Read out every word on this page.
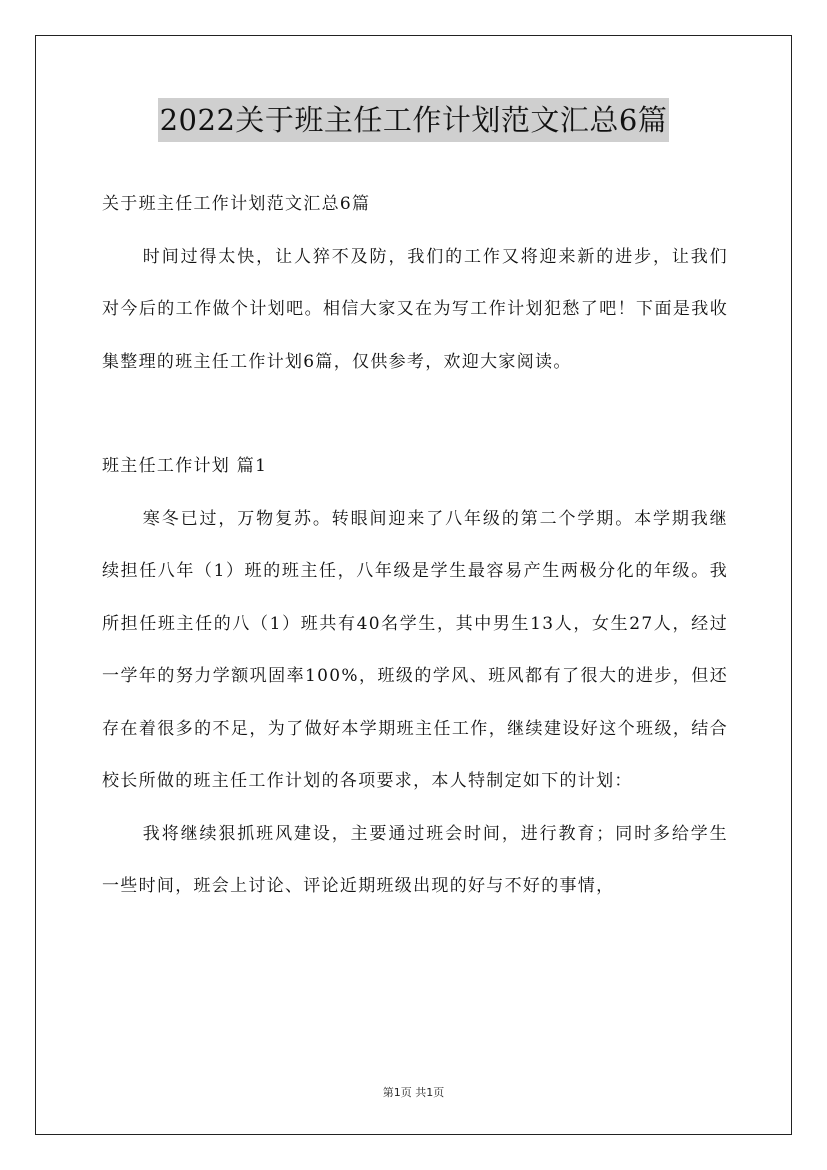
2022关于班主任工作计划范文汇总6篇

关于班主任工作计划范文汇总6篇

时间过得太快，让人猝不及防，我们的工作又将迎来新的进步，让我们对今后的工作做个计划吧。相信大家又在为写工作计划犯愁了吧！下面是我收集整理的班主任工作计划6篇，仅供参考，欢迎大家阅读。

班主任工作计划 篇1

寒冬已过，万物复苏。转眼间迎来了八年级的第二个学期。本学期我继续担任八年（1）班的班主任，八年级是学生最容易产生两极分化的年级。我所担任班主任的八（1）班共有40名学生，其中男生13人，女生27人，经过一学年的努力学额巩固率100%，班级的学风、班风都有了很大的进步，但还存在着很多的不足，为了做好本学期班主任工作，继续建设好这个班级，结合校长所做的班主任工作计划的各项要求，本人特制定如下的计划：

我将继续狠抓班风建设，主要通过班会时间，进行教育；同时多给学生一些时间，班会上讨论、评论近期班级出现的好与不好的事情，

第1页 共1页
